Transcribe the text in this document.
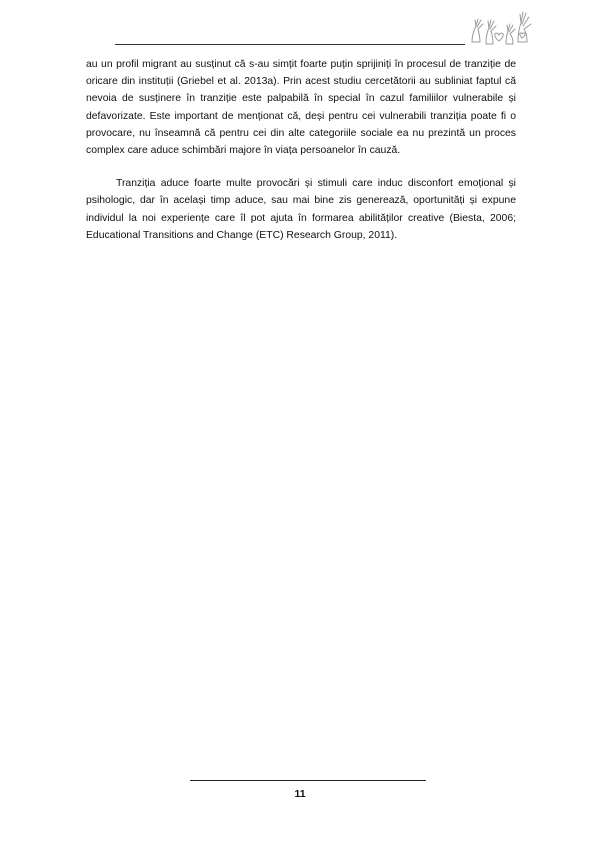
au un profil migrant au susținut că s-au simțit foarte puțin sprijiniți în procesul de tranziție de oricare din instituții (Griebel et al. 2013a). Prin acest studiu cercetătorii au subliniat faptul că nevoia de susținere în tranziție este palpabilă în special în cazul familiilor vulnerabile și defavorizate. Este important de menționat că, deși pentru cei vulnerabili tranziția poate fi o provocare, nu înseamnă că pentru cei din alte categoriile sociale ea nu prezintă un proces complex care aduce schimbări majore în viața persoanelor în cauză.

Tranziția aduce foarte multe provocări și stimuli care induc disconfort emoțional și psihologic, dar în același timp aduce, sau mai bine zis generează, oportunități și expune individul la noi experiențe care îl pot ajuta în formarea abilităților creative (Biesta, 2006; Educational Transitions and Change (ETC) Research Group, 2011).

11
